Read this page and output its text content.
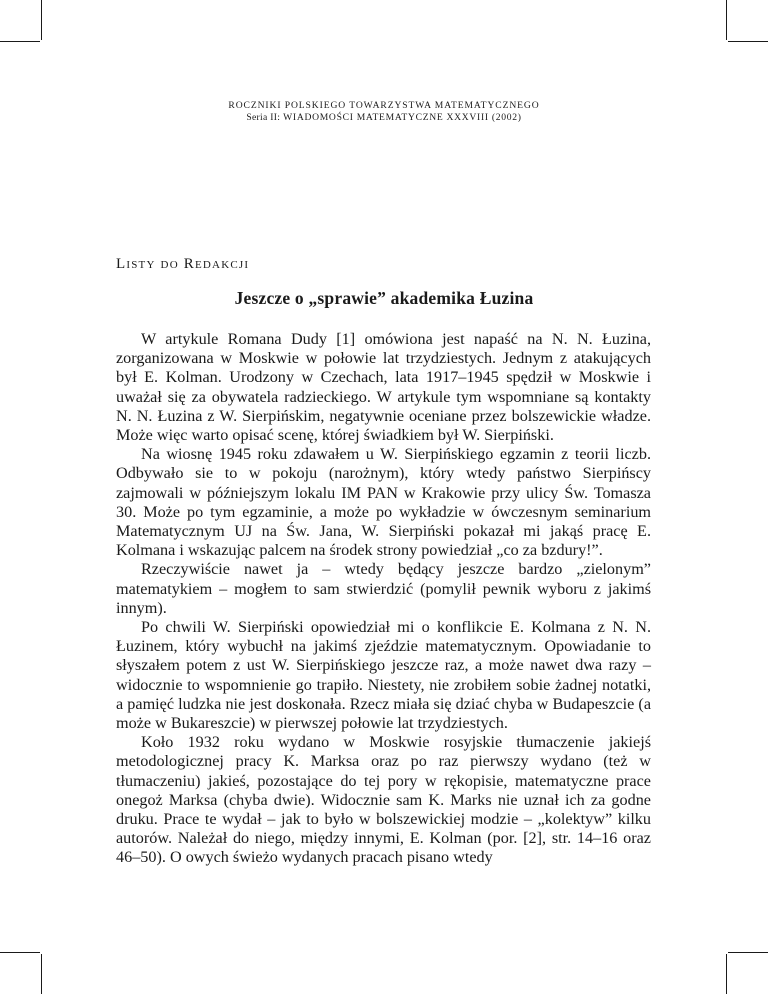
ROCZNIKI POLSKIEGO TOWARZYSTWA MATEMATYCZNEGO
Seria II: WIADOMOŚCI MATEMATYCZNE XXXVIII (2002)
Listy do Redakcji
Jeszcze o „sprawie” akademika Łuzina

W artykule Romana Dudy [1] omówiona jest napaść na N. N. Łuzina, zorganizowana w Moskwie w połowie lat trzydziestych. Jednym z atakujących był E. Kolman. Urodzony w Czechach, lata 1917–1945 spędził w Moskwie i uważał się za obywatela radzieckiego. W artykule tym wspomniane są kontakty N. N. Łuzina z W. Sierpińskim, negatywnie oceniane przez bolszewickie władze. Może więc warto opisać scenę, której świadkiem był W. Sierpiński.

Na wiosnę 1945 roku zdawałem u W. Sierpińskiego egzamin z teorii liczb. Odbywało sie to w pokoju (narożnym), który wtedy państwo Sierpińscy zajmowali w późniejszym lokalu IM PAN w Krakowie przy ulicy Św. Tomasza 30. Może po tym egzaminie, a może po wykładzie w ówczesnym seminarium Matematycznym UJ na Św. Jana, W. Sierpiński pokazał mi jakąś pracę E. Kolmana i wskazując palcem na środek strony powiedział „co za bzdury!”.

Rzeczywiście nawet ja – wtedy będący jeszcze bardzo „zielonym” matematykiem – mogłem to sam stwierdzić (pomylił pewnik wyboru z jakimś innym).

Po chwili W. Sierpiński opowiedział mi o konflikcie E. Kolmana z N. N. Łuzinem, który wybuchł na jakimś zjeździe matematycznym. Opowiadanie to słyszałem potem z ust W. Sierpińskiego jeszcze raz, a może nawet dwa razy – widocznie to wspomnienie go trapiło. Niestety, nie zrobiłem sobie żadnej notatki, a pamięć ludzka nie jest doskonała. Rzecz miała się dziać chyba w Budapeszcie (a może w Bukareszcie) w pierwszej połowie lat trzydziestych.

Koło 1932 roku wydano w Moskwie rosyjskie tłumaczenie jakiejś metodologicznej pracy K. Marksa oraz po raz pierwszy wydano (też w tłumaczeniu) jakieś, pozostające do tej pory w rękopisie, matematyczne prace onegoż Marksa (chyba dwie). Widocznie sam K. Marks nie uznał ich za godne druku. Prace te wydał – jak to było w bolszewickiej modzie – „kolektyw” kilku autorów. Należał do niego, między innymi, E. Kolman (por. [2], str. 14–16 oraz 46–50). O owych świeżo wydanych pracach pisano wtedy
